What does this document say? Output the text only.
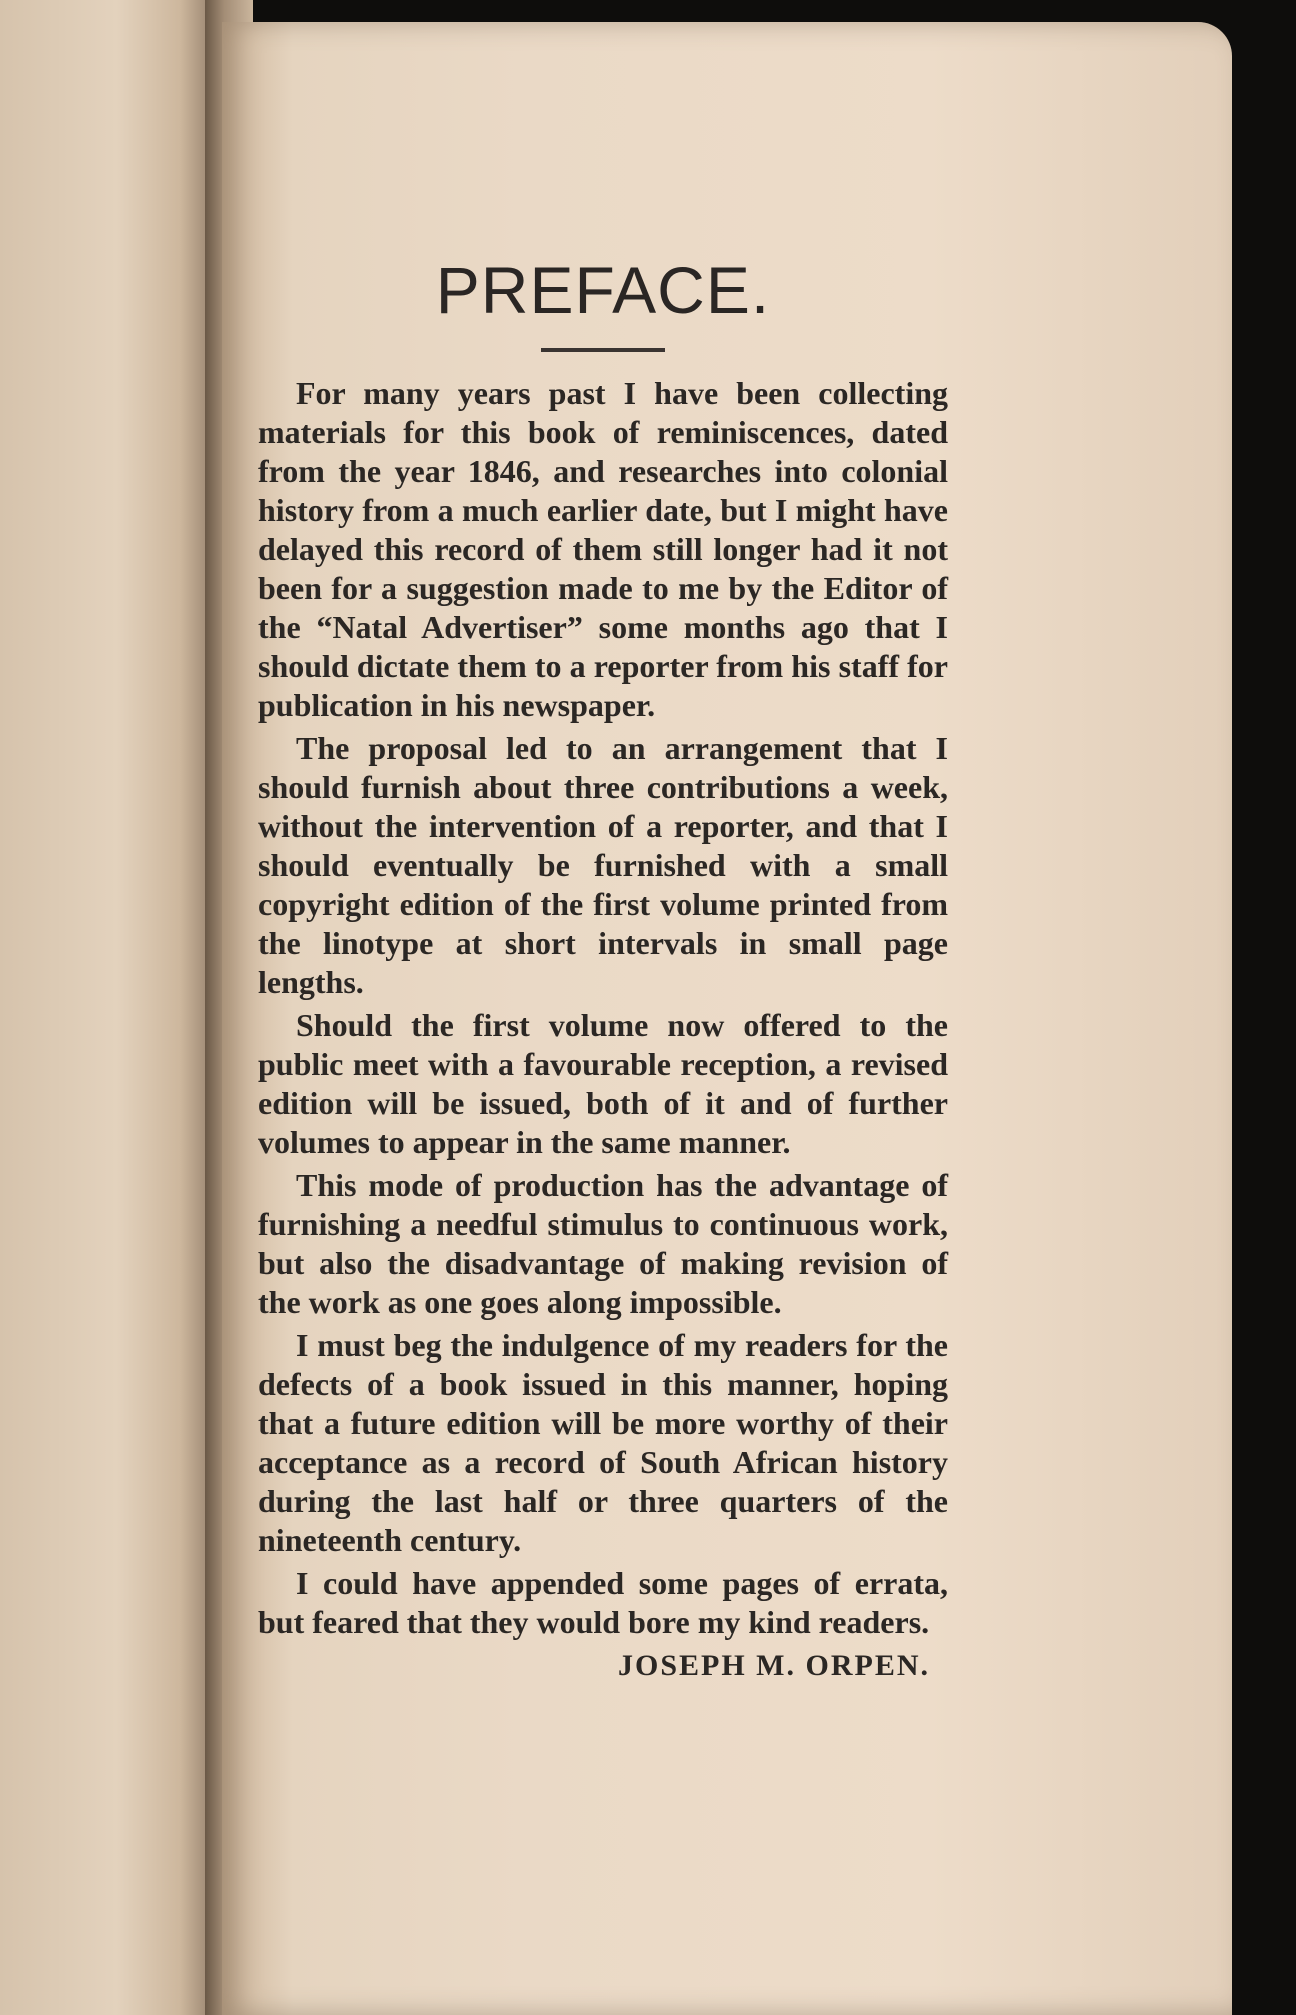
PREFACE.

For many years past I have been collecting materials for this book of reminiscences, dated from the year 1846, and researches into colonial history from a much earlier date, but I might have delayed this record of them still longer had it not been for a suggestion made to me by the Editor of the “Natal Advertiser” some months ago that I should dictate them to a reporter from his staff for publication in his newspaper.

The proposal led to an arrangement that I should furnish about three contributions a week, without the intervention of a reporter, and that I should eventually be furnished with a small copyright edition of the first volume printed from the linotype at short intervals in small page lengths.

Should the first volume now offered to the public meet with a favourable reception, a revised edition will be issued, both of it and of further volumes to appear in the same manner.

This mode of production has the advantage of furnishing a needful stimulus to continuous work, but also the disadvantage of making revision of the work as one goes along impossible.

I must beg the indulgence of my readers for the defects of a book issued in this manner, hoping that a future edition will be more worthy of their acceptance as a record of South African history during the last half or three quarters of the nineteenth century.

I could have appended some pages of errata, but feared that they would bore my kind readers.

JOSEPH M. ORPEN.
